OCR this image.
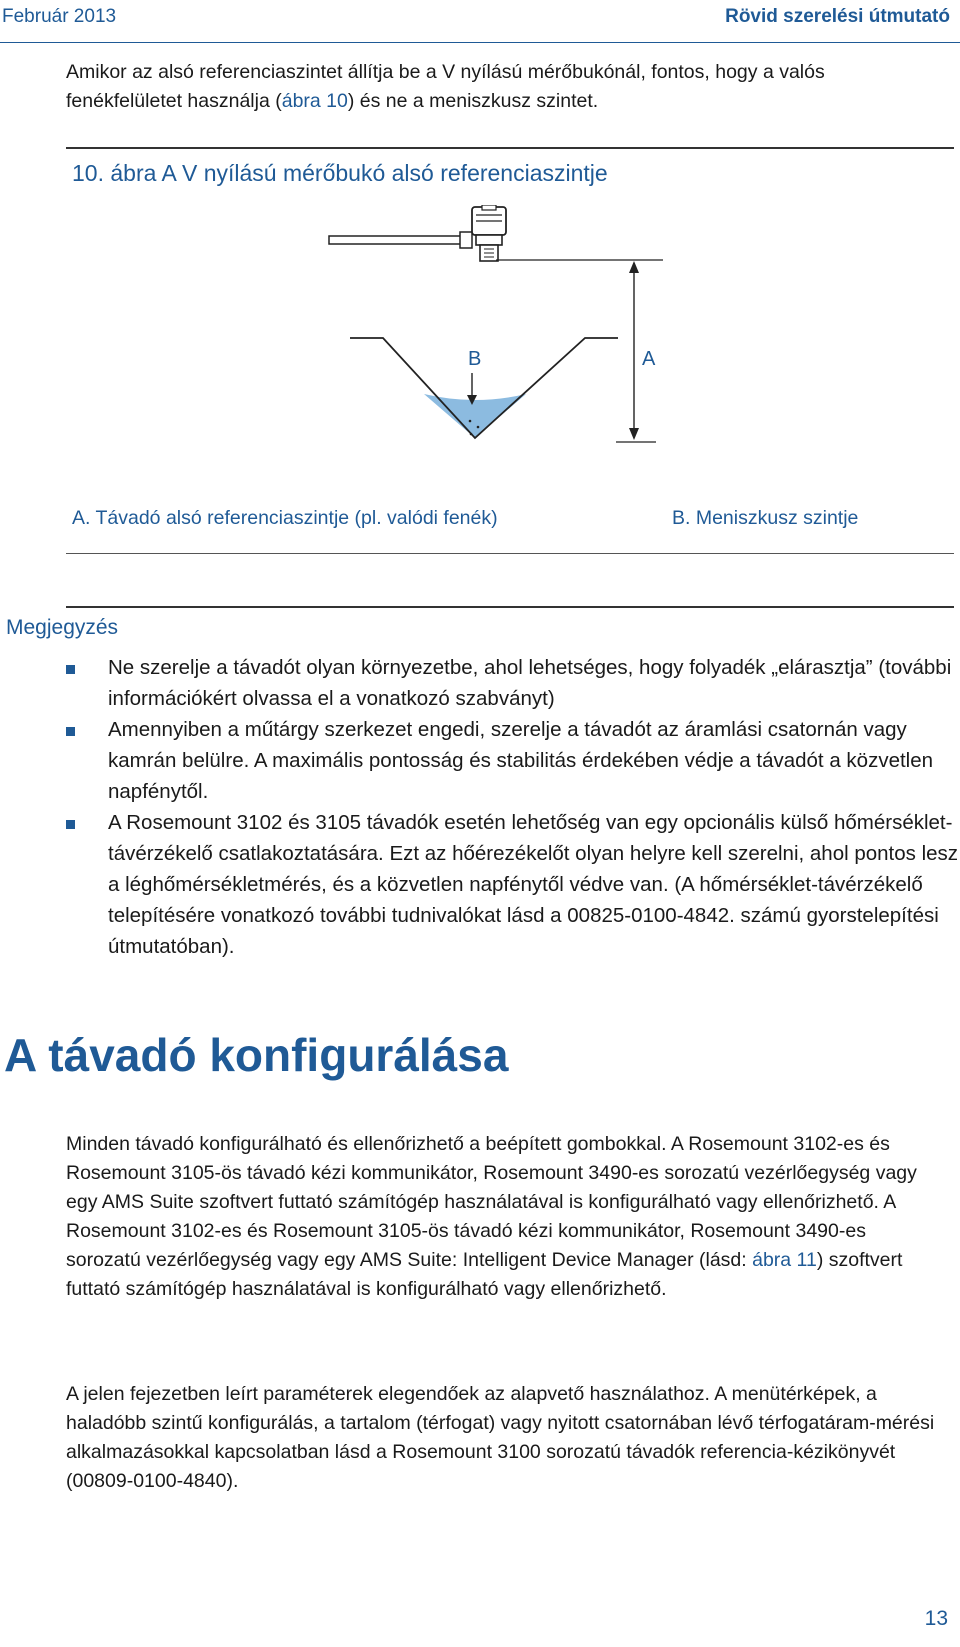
Február 2013	Rövid szerelési útmutató
Amikor az alsó referenciaszintet állítja be a V nyílású mérőbukónál, fontos, hogy a valós fenékfelületet használja (ábra 10) és ne a meniszkusz szintet.
10. ábra A V nyílású mérőbukó alsó referenciaszintje
B	A
A. Távadó alsó referenciaszintje (pl. valódi fenék)	B. Meniszkusz szintje
Megjegyzés
Ne szerelje a távadót olyan környezetbe, ahol lehetséges, hogy folyadék „elárasztja” (további információkért olvassa el a vonatkozó szabványt)
Amennyiben a műtárgy szerkezet engedi, szerelje a távadót az áramlási csatornán vagy kamrán belülre. A maximális pontosság és stabilitás érdekében védje a távadót a közvetlen napfénytől.
A Rosemount 3102 és 3105 távadók esetén lehetőség van egy opcionális külső hőmérséklet-távérzékelő csatlakoztatására. Ezt az hőérezékelőt olyan helyre kell szerelni, ahol pontos lesz a léghőmérsékletmérés, és a közvetlen napfénytől védve van. (A hőmérséklet-távérzékelő telepítésére vonatkozó további tudnivalókat lásd a 00825-0100-4842. számú gyorstelepítési útmutatóban).
A távadó konfigurálása
Minden távadó konfigurálható és ellenőrizhető a beépített gombokkal. A Rosemount 3102-es és Rosemount 3105-ös távadó kézi kommunikátor, Rosemount 3490-es sorozatú vezérlőegység vagy egy AMS Suite szoftvert futtató számítógép használatával is konfigurálható vagy ellenőrizhető. A Rosemount 3102-es és Rosemount 3105-ös távadó kézi kommunikátor, Rosemount 3490-es sorozatú vezérlőegység vagy egy AMS Suite: Intelligent Device Manager (lásd: ábra 11) szoftvert futtató számítógép használatával is konfigurálható vagy ellenőrizhető.
A jelen fejezetben leírt paraméterek elegendőek az alapvető használathoz. A menütérképek, a haladóbb szintű konfigurálás, a tartalom (térfogat) vagy nyitott csatornában lévő térfogatáram-mérési alkalmazásokkal kapcsolatban lásd a Rosemount 3100 sorozatú távadók referencia-kézikönyvét (00809-0100-4840).
13
